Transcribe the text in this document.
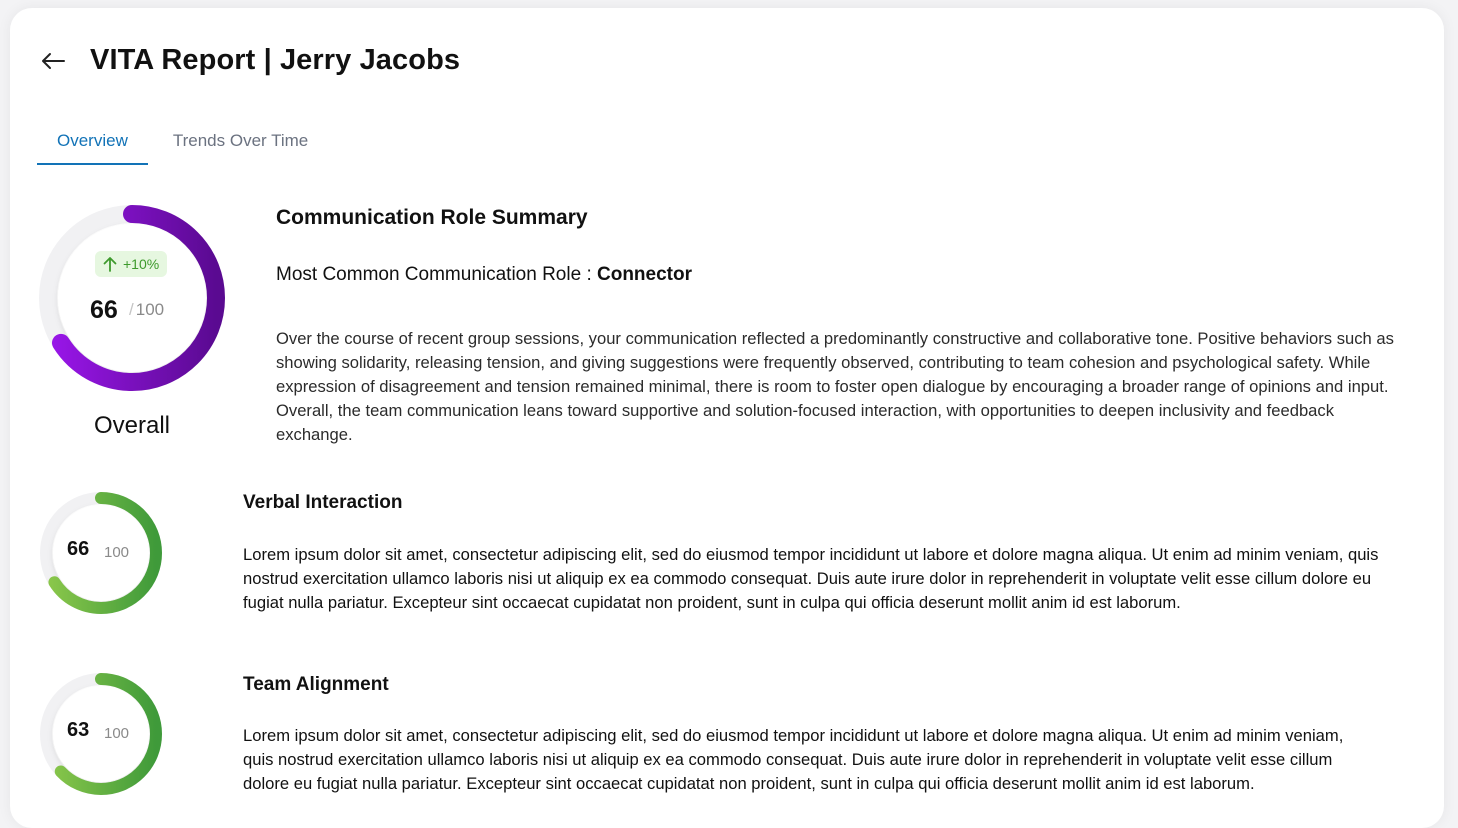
VITA Report | Jerry Jacobs
Overview	Trends Over Time
+10%
66 / 100
Overall
Communication Role Summary
Most Common Communication Role : Connector
Over the course of recent group sessions, your communication reflected a predominantly constructive and collaborative tone. Positive behaviors such as showing solidarity, releasing tension, and giving suggestions were frequently observed, contributing to team cohesion and psychological safety. While expression of disagreement and tension remained minimal, there is room to foster open dialogue by encouraging a broader range of opinions and input. Overall, the team communication leans toward supportive and solution-focused interaction, with opportunities to deepen inclusivity and feedback exchange.
66 100
Verbal Interaction
Lorem ipsum dolor sit amet, consectetur adipiscing elit, sed do eiusmod tempor incididunt ut labore et dolore magna aliqua. Ut enim ad minim veniam, quis nostrud exercitation ullamco laboris nisi ut aliquip ex ea commodo consequat. Duis aute irure dolor in reprehenderit in voluptate velit esse cillum dolore eu fugiat nulla pariatur. Excepteur sint occaecat cupidatat non proident, sunt in culpa qui officia deserunt mollit anim id est laborum.
63 100
Team Alignment
Lorem ipsum dolor sit amet, consectetur adipiscing elit, sed do eiusmod tempor incididunt ut labore et dolore magna aliqua. Ut enim ad minim veniam, quis nostrud exercitation ullamco laboris nisi ut aliquip ex ea commodo consequat. Duis aute irure dolor in reprehenderit in voluptate velit esse cillum dolore eu fugiat nulla pariatur. Excepteur sint occaecat cupidatat non proident, sunt in culpa qui officia deserunt mollit anim id est laborum.
